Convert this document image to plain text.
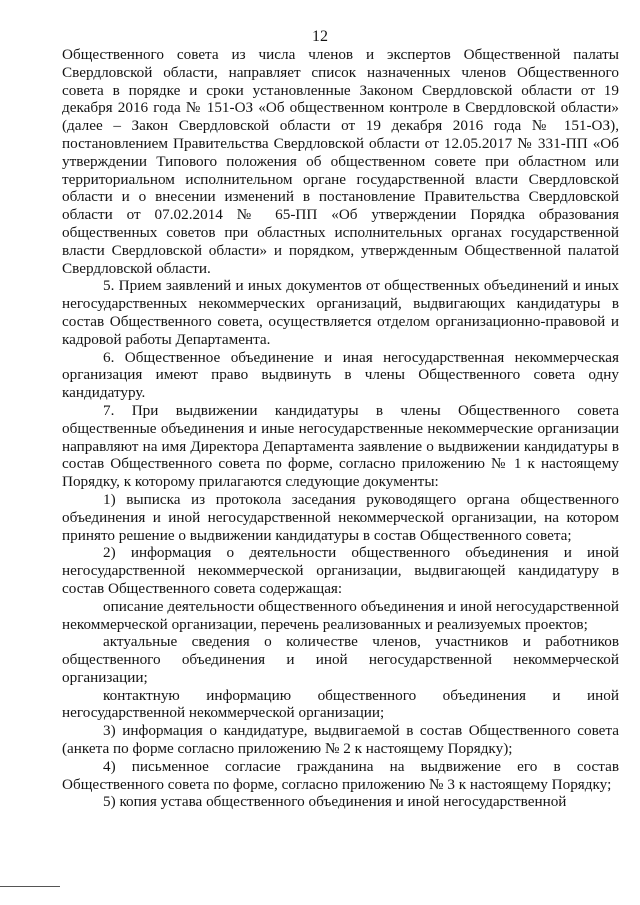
12

Общественного совета из числа членов и экспертов Общественной палаты Свердловской области, направляет список назначенных членов Общественного совета в порядке и сроки установленные Законом Свердловской области от 19 декабря 2016 года № 151-ОЗ «Об общественном контроле в Свердловской области» (далее – Закон Свердловской области от 19 декабря 2016 года № 151-ОЗ), постановлением Правительства Свердловской области от 12.05.2017 № 331-ПП «Об утверждении Типового положения об общественном совете при областном или территориальном исполнительном органе государственной власти Свердловской области и о внесении изменений в постановление Правительства Свердловской области от 07.02.2014 № 65-ПП «Об утверждении Порядка образования общественных советов при областных исполнительных органах государственной власти Свердловской области» и порядком, утвержденным Общественной палатой Свердловской области.

5. Прием заявлений и иных документов от общественных объединений и иных негосударственных некоммерческих организаций, выдвигающих кандидатуры в состав Общественного совета, осуществляется отделом организационно-правовой и кадровой работы Департамента.

6. Общественное объединение и иная негосударственная некоммерческая организация имеют право выдвинуть в члены Общественного совета одну кандидатуру.

7. При выдвижении кандидатуры в члены Общественного совета общественные объединения и иные негосударственные некоммерческие организации направляют на имя Директора Департамента заявление о выдвижении кандидатуры в состав Общественного совета по форме, согласно приложению № 1 к настоящему Порядку, к которому прилагаются следующие документы:

1) выписка из протокола заседания руководящего органа общественного объединения и иной негосударственной некоммерческой организации, на котором принято решение о выдвижении кандидатуры в состав Общественного совета;

2) информация о деятельности общественного объединения и иной негосударственной некоммерческой организации, выдвигающей кандидатуру в состав Общественного совета содержащая:

описание деятельности общественного объединения и иной негосударственной некоммерческой организации, перечень реализованных и реализуемых проектов;

актуальные сведения о количестве членов, участников и работников общественного объединения и иной негосударственной некоммерческой организации;

контактную информацию общественного объединения и иной негосударственной некоммерческой организации;

3) информация о кандидатуре, выдвигаемой в состав Общественного совета (анкета по форме согласно приложению № 2 к настоящему Порядку);

4) письменное согласие гражданина на выдвижение его в состав Общественного совета по форме, согласно приложению № 3 к настоящему Порядку;

5) копия устава общественного объединения и иной негосударственной
